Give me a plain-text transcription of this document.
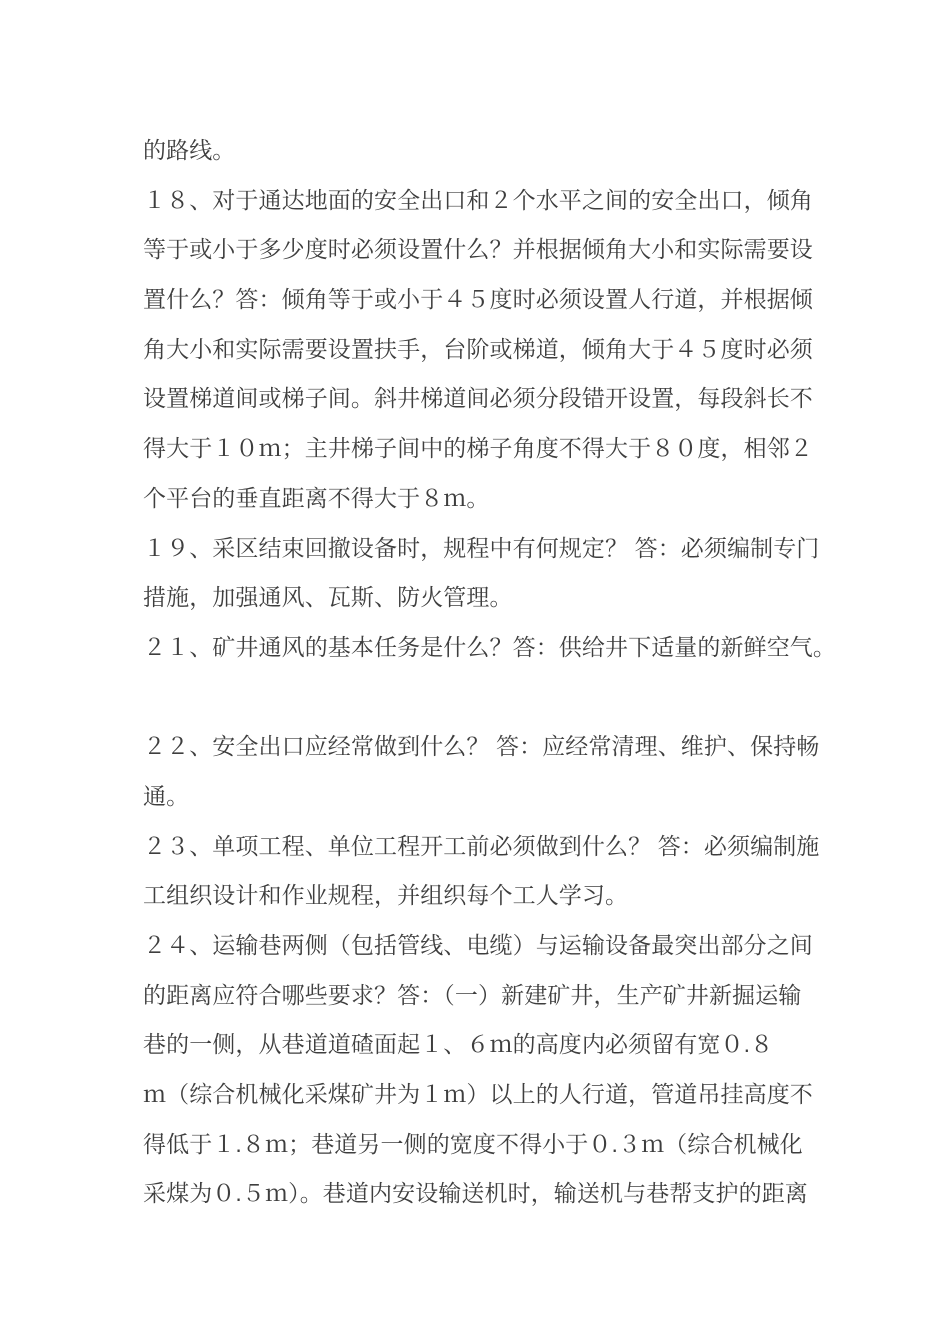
的路线。
１８、对于通达地面的安全出口和２个水平之间的安全出口，倾角
等于或小于多少度时必须设置什么？并根据倾角大小和实际需要设
置什么？答：倾角等于或小于４５度时必须设置人行道，并根据倾
角大小和实际需要设置扶手，台阶或梯道，倾角大于４５度时必须
设置梯道间或梯子间。斜井梯道间必须分段错开设置，每段斜长不
得大于１０ｍ；主井梯子间中的梯子角度不得大于８０度，相邻２
个平台的垂直距离不得大于８ｍ。
１９、采区结束回撤设备时，规程中有何规定？ 答：必须编制专门
措施，加强通风、瓦斯、防火管理。
２１、矿井通风的基本任务是什么？答：供给井下适量的新鲜空气。

２２、安全出口应经常做到什么？ 答：应经常清理、维护、保持畅
通。
２３、单项工程、单位工程开工前必须做到什么？ 答：必须编制施
工组织设计和作业规程，并组织每个工人学习。
２４、运输巷两侧（包括管线、电缆）与运输设备最突出部分之间
的距离应符合哪些要求？答：（一）新建矿井，生产矿井新掘运输
巷的一侧，从巷道道碴面起１、６ｍ的高度内必须留有宽０.８
ｍ（综合机械化采煤矿井为１ｍ）以上的人行道，管道吊挂高度不
得低于１.８ｍ；巷道另一侧的宽度不得小于０.３ｍ（综合机械化
采煤为０.５ｍ）。巷道内安设输送机时，输送机与巷帮支护的距离
